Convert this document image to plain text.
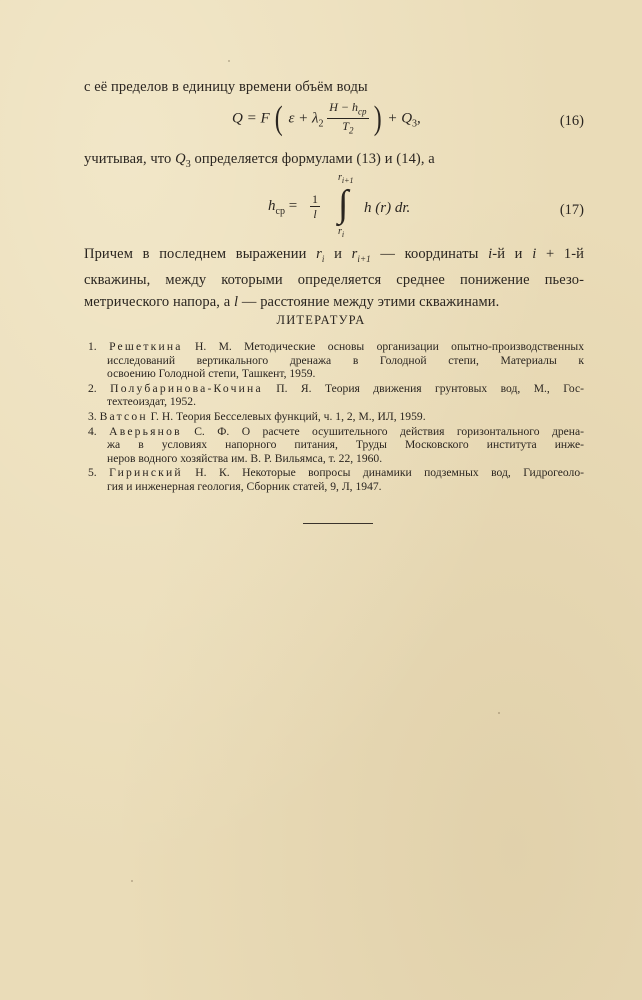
с её пределов в единицу времени объём воды
Q = F ( $\varepsilon + \lambda_2 \frac{H - h_{ср}}{T_2}$ ) + $Q_3$,	(16)
учитывая, что $Q_3$ определяется формулами (13) и (14), а
$h_{ср} = \frac{1}{l}$
$r_{i+1}$
∫
$r_i$
h (r) dr.	(17)
Причем в последнем выражении $r_i$ и $r_{i+1}$ — координаты i-й и i + 1-й
скважины, между которыми определяется среднее понижение пьезо-
метрического напора, а l — расстояние между этими скважинами.
ЛИТЕРАТУРА
1. Решеткина Н. М. Методические основы организации опытно-производственных
исследований вертикального дренажа в Голодной степи, Материалы к
освоению Голодной степи, Ташкент, 1959.
2. Полубаринова-Кочина П. Я. Теория движения грунтовых вод, М., Гос-
техтеоиздат, 1952.
3. Ватсон Г. Н. Теория Бесселевых функций, ч. 1, 2, М., ИЛ, 1959.
4. Аверьянов С. Ф. О расчете осушительного действия горизонтального дрена-
жа в условиях напорного питания, Труды Московского института инже-
неров водного хозяйства им. В. Р. Вильямса, т. 22, 1960.
5. Гиринский Н. К. Некоторые вопросы динамики подземных вод, Гидрогеоло-
гия и инженерная геология, Сборник статей, 9, Л, 1947.
